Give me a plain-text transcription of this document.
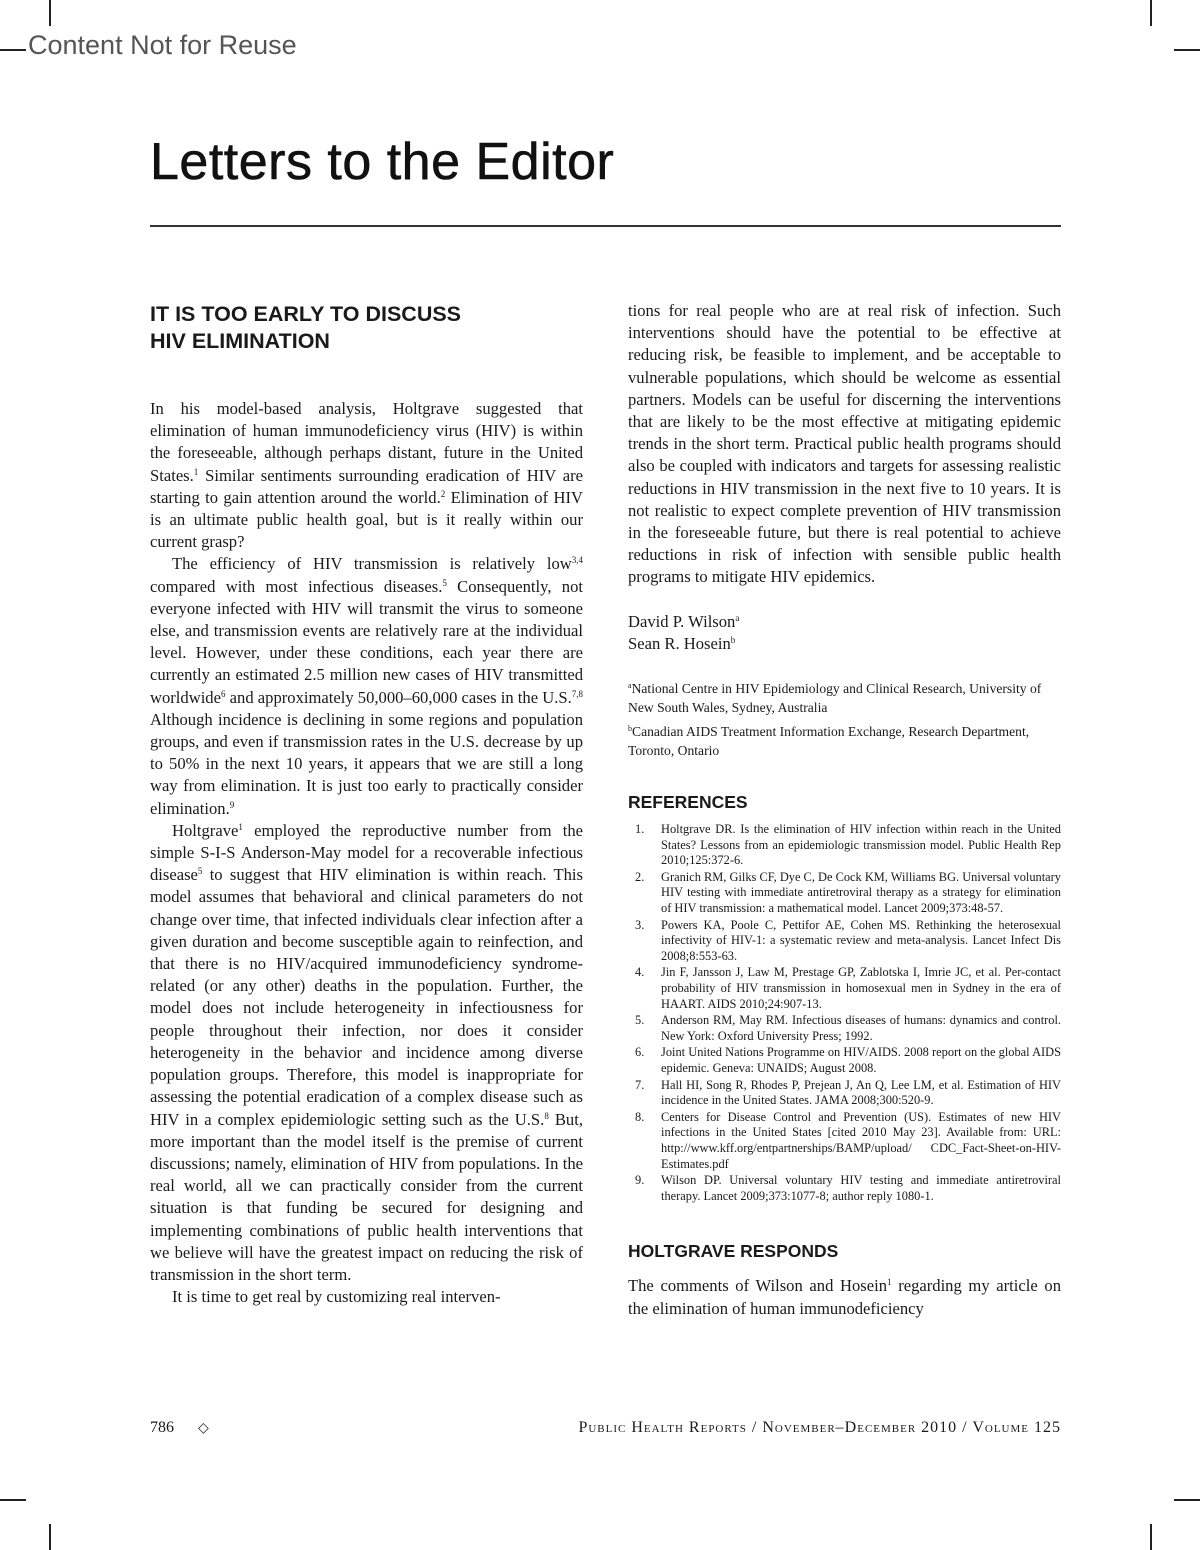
Content Not for Reuse
Letters to the Editor
IT IS TOO EARLY TO DISCUSS
HIV ELIMINATION

In his model-based analysis, Holtgrave suggested that elimination of human immunodeficiency virus (HIV) is within the foreseeable, although perhaps distant, future in the United States.$^1$ Similar sentiments surrounding eradication of HIV are starting to gain attention around the world.$^2$ Elimination of HIV is an ultimate public health goal, but is it really within our current grasp?

The efficiency of HIV transmission is relatively low$^{3,4}$ compared with most infectious diseases.$^5$ Consequently, not everyone infected with HIV will transmit the virus to someone else, and transmission events are relatively rare at the individual level. However, under these conditions, each year there are currently an estimated 2.5 million new cases of HIV transmitted worldwide$^6$ and approximately 50,000–60,000 cases in the U.S.$^{7,8}$ Although incidence is declining in some regions and population groups, and even if transmission rates in the U.S. decrease by up to 50% in the next 10 years, it appears that we are still a long way from elimination. It is just too early to practically consider elimination.$^9$

Holtgrave$^1$ employed the reproductive number from the simple S-I-S Anderson-May model for a recoverable infectious disease$^5$ to suggest that HIV elimination is within reach. This model assumes that behavioral and clinical parameters do not change over time, that infected individuals clear infection after a given duration and become susceptible again to reinfection, and that there is no HIV/acquired immunodeficiency syndrome-related (or any other) deaths in the population. Further, the model does not include heterogeneity in infectiousness for people throughout their infection, nor does it consider heterogeneity in the behavior and incidence among diverse population groups. Therefore, this model is inappropriate for assessing the potential eradication of a complex disease such as HIV in a complex epidemiologic setting such as the U.S.$^8$ But, more important than the model itself is the premise of current discussions; namely, elimination of HIV from populations. In the real world, all we can practically consider from the current situation is that funding be secured for designing and implementing combinations of public health interventions that we believe will have the greatest impact on reducing the risk of transmission in the short term.

It is time to get real by customizing real interven-

tions for real people who are at real risk of infection. Such interventions should have the potential to be effective at reducing risk, be feasible to implement, and be acceptable to vulnerable populations, which should be welcome as essential partners. Models can be useful for discerning the interventions that are likely to be the most effective at mitigating epidemic trends in the short term. Practical public health programs should also be coupled with indicators and targets for assessing realistic reductions in HIV transmission in the next five to 10 years. It is not realistic to expect complete prevention of HIV transmission in the foreseeable future, but there is real potential to achieve reductions in risk of infection with sensible public health programs to mitigate HIV epidemics.

David P. Wilson$^a$

Sean R. Hosein$^b$

$^a$National Centre in HIV Epidemiology and Clinical Research, University of New South Wales, Sydney, Australia

$^b$Canadian AIDS Treatment Information Exchange, Research Department, Toronto, Ontario

REFERENCES
1. Holtgrave DR. Is the elimination of HIV infection within reach in the United States? Lessons from an epidemiologic transmission model. Public Health Rep 2010;125:372-6.
2. Granich RM, Gilks CF, Dye C, De Cock KM, Williams BG. Universal voluntary HIV testing with immediate antiretroviral therapy as a strategy for elimination of HIV transmission: a mathematical model. Lancet 2009;373:48-57.
3. Powers KA, Poole C, Pettifor AE, Cohen MS. Rethinking the heterosexual infectivity of HIV-1: a systematic review and meta-analysis. Lancet Infect Dis 2008;8:553-63.
4. Jin F, Jansson J, Law M, Prestage GP, Zablotska I, Imrie JC, et al. Per-contact probability of HIV transmission in homosexual men in Sydney in the era of HAART. AIDS 2010;24:907-13.
5. Anderson RM, May RM. Infectious diseases of humans: dynamics and control. New York: Oxford University Press; 1992.
6. Joint United Nations Programme on HIV/AIDS. 2008 report on the global AIDS epidemic. Geneva: UNAIDS; August 2008.
7. Hall HI, Song R, Rhodes P, Prejean J, An Q, Lee LM, et al. Estimation of HIV incidence in the United States. JAMA 2008;300:520-9.
8. Centers for Disease Control and Prevention (US). Estimates of new HIV infections in the United States [cited 2010 May 23]. Available from: URL: http://www.kff.org/entpartnerships/BAMP/upload/ CDC_Fact-Sheet-on-HIV-Estimates.pdf
9. Wilson DP. Universal voluntary HIV testing and immediate antiretroviral therapy. Lancet 2009;373:1077-8; author reply 1080-1.
HOLTGRAVE RESPONDS

The comments of Wilson and Hosein$^1$ regarding my article on the elimination of human immunodeficiency

786 ◇	Public Health Reports / November–December 2010 / Volume 125
